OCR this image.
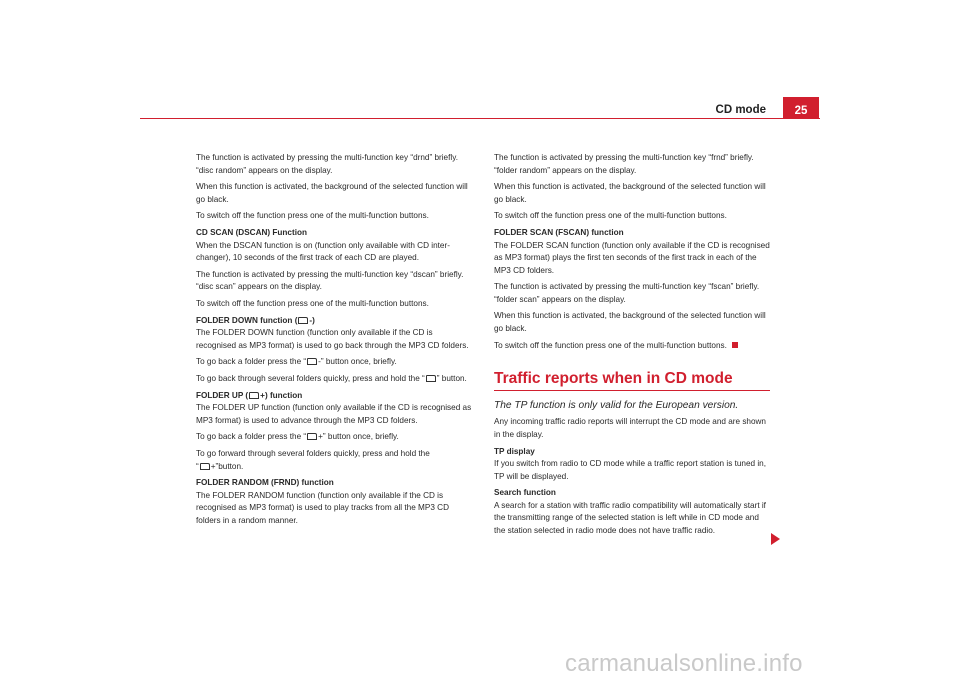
CD mode	25

The function is activated by pressing the multi-function key “drnd” briefly. “disc random” appears on the display.

When this function is activated, the background of the selected function will go black.

To switch off the function press one of the multi-function buttons.

CD SCAN (DSCAN) Function

When the DSCAN function is on (function only available with CD inter-changer), 10 seconds of the first track of each CD are played.

The function is activated by pressing the multi-function key “dscan” briefly. “disc scan” appears on the display.

To switch off the function press one of the multi-function buttons.

FOLDER DOWN function ( -)

The FOLDER DOWN function (function only available if the CD is recognised as MP3 format) is used to go back through the MP3 CD folders.

To go back a folder press the “ -” button once, briefly.

To go back through several folders quickly, press and hold the “ ” button.

FOLDER UP ( +) function

The FOLDER UP function (function only available if the CD is recognised as MP3 format) is used to advance through the MP3 CD folders.

To go back a folder press the “ +” button once, briefly.

To go forward through several folders quickly, press and hold the

“ +”button.

FOLDER RANDOM (FRND) function

The FOLDER RANDOM function (function only available if the CD is recognised as MP3 format) is used to play tracks from all the MP3 CD folders in a random manner.

The function is activated by pressing the multi-function key “frnd” briefly. “folder random” appears on the display.

When this function is activated, the background of the selected function will go black.

To switch off the function press one of the multi-function buttons.

FOLDER SCAN (FSCAN) function

The FOLDER SCAN function (function only available if the CD is recognised as MP3 format) plays the first ten seconds of the first track in each of the MP3 CD folders.

The function is activated by pressing the multi-function key “fscan” briefly. “folder scan” appears on the display.

When this function is activated, the background of the selected function will go black.

To switch off the function press one of the multi-function buttons.

Traffic reports when in CD mode

The TP function is only valid for the European version.

Any incoming traffic radio reports will interrupt the CD mode and are shown in the display.

TP display

If you switch from radio to CD mode while a traffic report station is tuned in, TP will be displayed.

Search function

A search for a station with traffic radio compatibility will automatically start if the transmitting range of the selected station is left while in CD mode and the station selected in radio mode does not have traffic radio.

carmanualsonline.info
